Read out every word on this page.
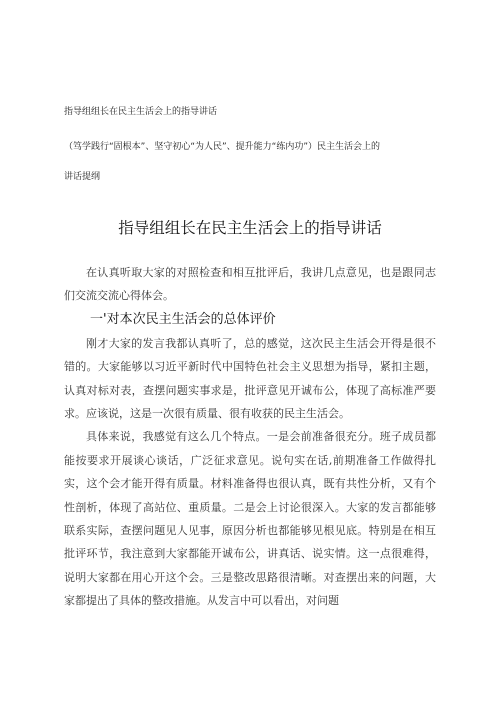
指导组组长在民主生活会上的指导讲话
（笃学践行“固根本”、坚守初心“为人民”、提升能力“练内功”）民主生活会上的
讲话提纲
指导组组长在民主生活会上的指导讲话

在认真听取大家的对照检查和相互批评后，我讲几点意见，也是跟同志们交流交流心得体会。

一'对本次民主生活会的总体评价

刚才大家的发言我都认真听了，总的感觉，这次民主生活会开得是很不错的。大家能够以习近平新时代中国特色社会主义思想为指导，紧扣主题，认真对标对表，查摆问题实事求是，批评意见开诚布公，体现了高标准严要求。应该说，这是一次很有质量、很有收获的民主生活会。

具体来说，我感觉有这么几个特点。一是会前准备很充分。班子成员都能按要求开展谈心谈话，广泛征求意见。说句实在话,前期准备工作做得扎实，这个会才能开得有质量。材料准备得也很认真，既有共性分析，又有个性剖析，体现了高站位、重质量。二是会上讨论很深入。大家的发言都能够联系实际，查摆问题见人见事，原因分析也都能够见根见底。特别是在相互批评环节，我注意到大家都能开诚布公，讲真话、说实情。这一点很难得，说明大家都在用心开这个会。三是整改思路很清晰。对查摆出来的问题，大家都提出了具体的整改措施。从发言中可以看出，对问题
